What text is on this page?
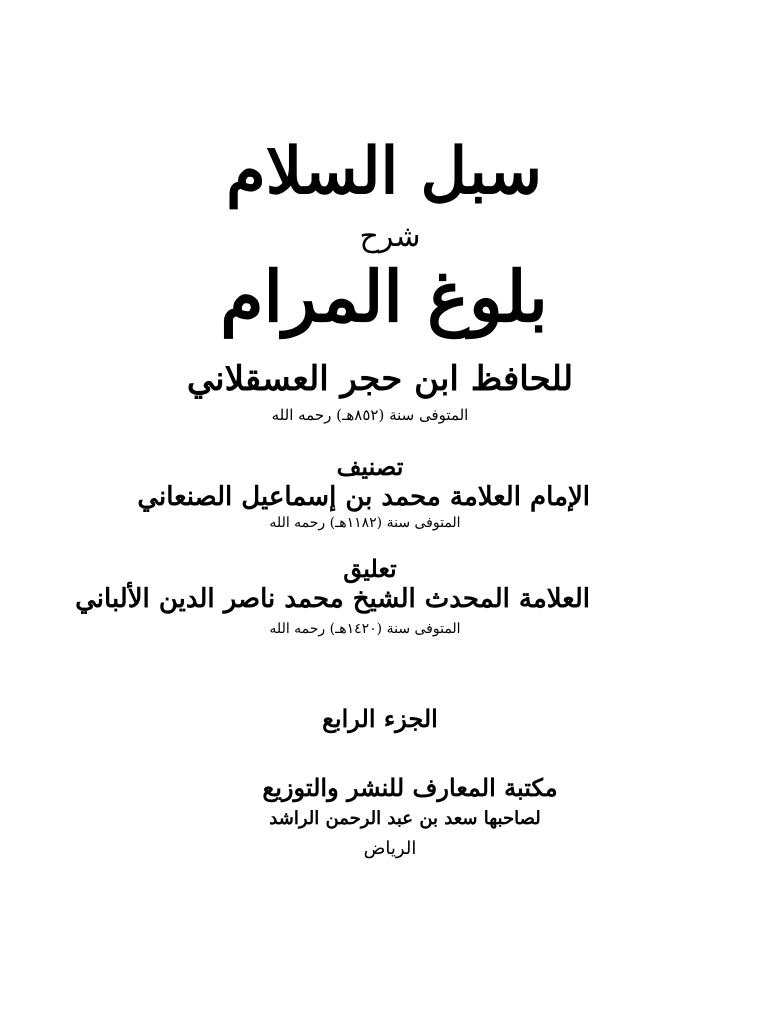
سبل السلام
شرح
بلوغ المرام
للحافظ ابن حجر العسقلاني
المتوفى سنة (٨٥٢هـ) رحمه الله
تصنيف
الإمام العلامة محمد بن إسماعيل الصنعاني
المتوفى سنة (١١٨٢هـ) رحمه الله
تعليق
العلامة المحدث الشيخ محمد ناصر الدين الألباني
المتوفى سنة (١٤٢٠هـ) رحمه الله
الجزء الرابع
مكتبة المعارف للنشر والتوزيع
لصاحبها سعد بن عبد الرحمن الراشد
الرياض
